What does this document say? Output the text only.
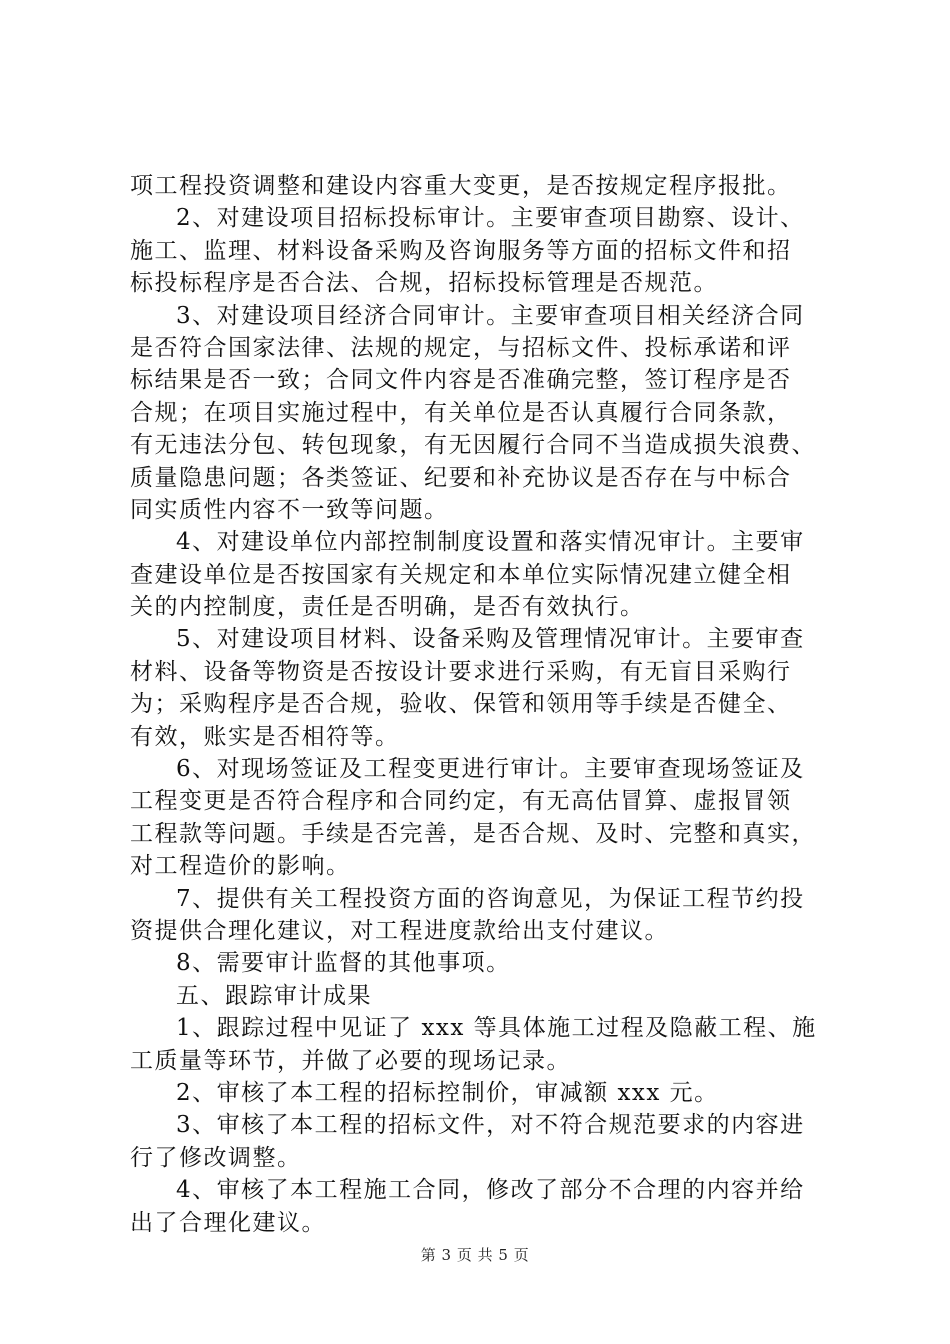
项工程投资调整和建设内容重大变更，是否按规定程序报批。
2、对建设项目招标投标审计。主要审查项目勘察、设计、
施工、监理、材料设备采购及咨询服务等方面的招标文件和招
标投标程序是否合法、合规，招标投标管理是否规范。
3、对建设项目经济合同审计。主要审查项目相关经济合同
是否符合国家法律、法规的规定，与招标文件、投标承诺和评
标结果是否一致；合同文件内容是否准确完整，签订程序是否
合规；在项目实施过程中，有关单位是否认真履行合同条款，
有无违法分包、转包现象，有无因履行合同不当造成损失浪费、
质量隐患问题；各类签证、纪要和补充协议是否存在与中标合
同实质性内容不一致等问题。
4、对建设单位内部控制制度设置和落实情况审计。主要审
查建设单位是否按国家有关规定和本单位实际情况建立健全相
关的内控制度，责任是否明确，是否有效执行。
5、对建设项目材料、设备采购及管理情况审计。主要审查
材料、设备等物资是否按设计要求进行采购，有无盲目采购行
为；采购程序是否合规，验收、保管和领用等手续是否健全、
有效，账实是否相符等。
6、对现场签证及工程变更进行审计。主要审查现场签证及
工程变更是否符合程序和合同约定，有无高估冒算、虚报冒领
工程款等问题。手续是否完善，是否合规、及时、完整和真实，
对工程造价的影响。
7、提供有关工程投资方面的咨询意见，为保证工程节约投
资提供合理化建议，对工程进度款给出支付建议。
8、需要审计监督的其他事项。
五、跟踪审计成果
1、跟踪过程中见证了 xxx 等具体施工过程及隐蔽工程、施
工质量等环节，并做了必要的现场记录。
2、审核了本工程的招标控制价，审减额 xxx 元。
3、审核了本工程的招标文件，对不符合规范要求的内容进
行了修改调整。
4、审核了本工程施工合同，修改了部分不合理的内容并给
出了合理化建议。
第 3 页 共 5 页
